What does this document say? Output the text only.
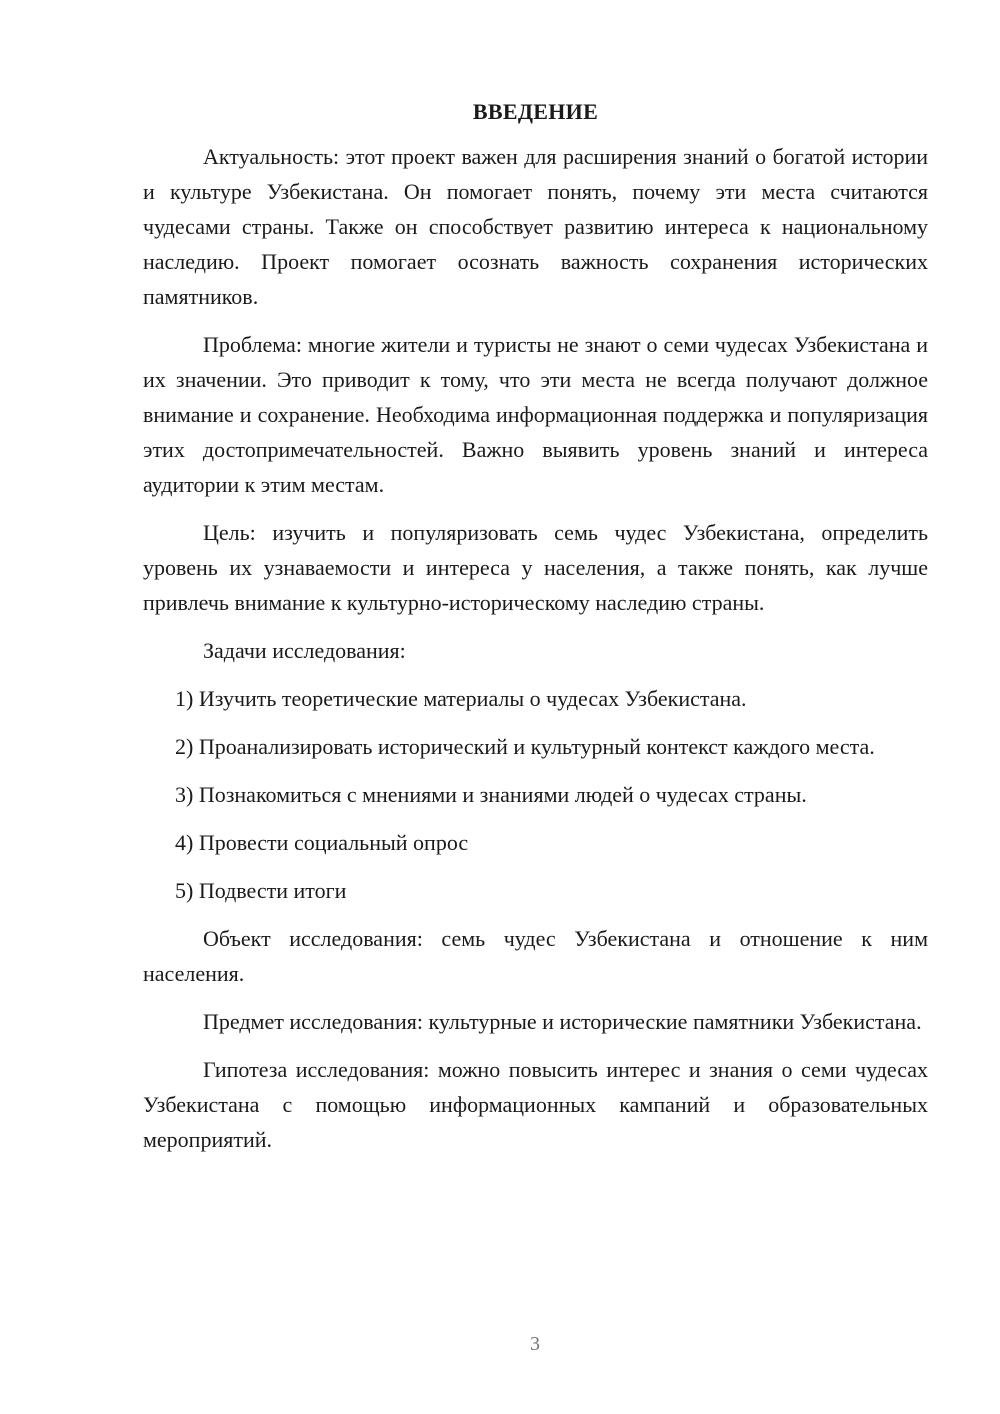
ВВЕДЕНИЕ

Актуальность: этот проект важен для расширения знаний о богатой истории и культуре Узбекистана. Он помогает понять, почему эти места считаются чудесами страны. Также он способствует развитию интереса к национальному наследию. Проект помогает осознать важность сохранения исторических памятников.

Проблема: многие жители и туристы не знают о семи чудесах Узбекистана и их значении. Это приводит к тому, что эти места не всегда получают должное внимание и сохранение. Необходима информационная поддержка и популяризация этих достопримечательностей. Важно выявить уровень знаний и интереса аудитории к этим местам.

Цель: изучить и популяризовать семь чудес Узбекистана, определить уровень их узнаваемости и интереса у населения, а также понять, как лучше привлечь внимание к культурно-историческому наследию страны.

Задачи исследования:

1) Изучить теоретические материалы о чудесах Узбекистана.

2) Проанализировать исторический и культурный контекст каждого места.

3) Познакомиться с мнениями и знаниями людей о чудесах страны.

4) Провести социальный опрос

5) Подвести итоги

Объект исследования: семь чудес Узбекистана и отношение к ним населения.

Предмет исследования: культурные и исторические памятники Узбекистана.

Гипотеза исследования: можно повысить интерес и знания о семи чудесах Узбекистана с помощью информационных кампаний и образовательных мероприятий.

3
